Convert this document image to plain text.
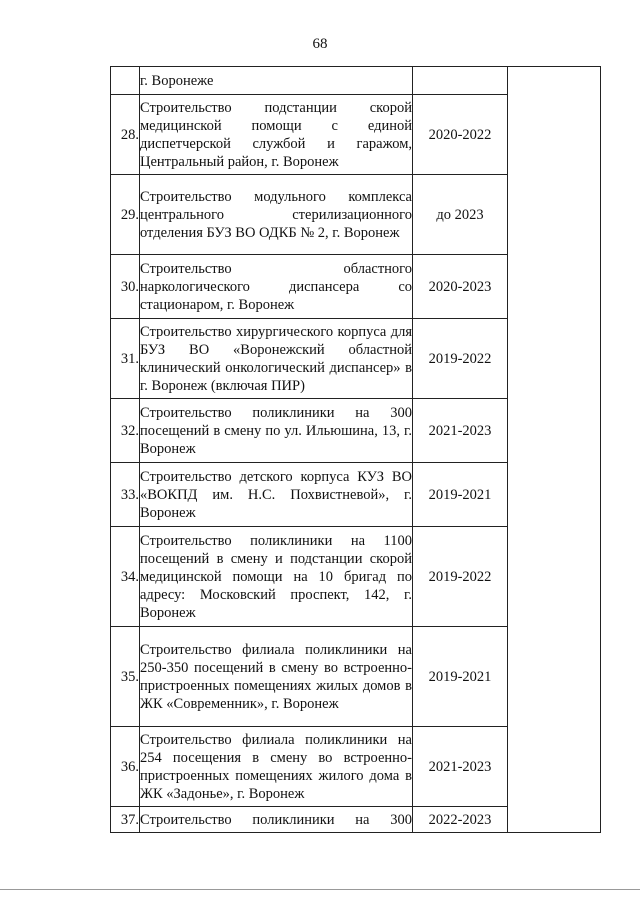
68
	г. Воронеже		
28.	Строительство подстанции скорой медицинской помощи с единой диспетчерской службой и гаражом, Центральный район, г. Воронеж	2020-2022	
29.	Строительство модульного комплекса центрального стерилизационного отделения БУЗ ВО ОДКБ № 2, г. Воронеж	до 2023	
30.	Строительство областного наркологического диспансера со стационаром, г. Воронеж	2020-2023	
31.	Строительство хирургического корпуса для БУЗ ВО «Воронежский областной клинический онкологический диспансер» в г. Воронеж (включая ПИР)	2019-2022	
32.	Строительство поликлиники на 300 посещений в смену по ул. Ильюшина, 13, г. Воронеж	2021-2023	
33.	Строительство детского корпуса КУЗ ВО «ВОКПД им. Н.С. Похвистневой», г. Воронеж	2019-2021	
34.	Строительство поликлиники на 1100 посещений в смену и подстанции скорой медицинской помощи на 10 бригад по адресу: Московский проспект, 142, г. Воронеж	2019-2022	
35.	Строительство филиала поликлиники на 250-350 посещений в смену во встроенно-пристроенных помещениях жилых домов в ЖК «Современник», г. Воронеж	2019-2021	
36.	Строительство филиала поликлиники на 254 посещения в смену во встроенно-пристроенных помещениях жилого дома в ЖК «Задонье», г. Воронеж	2021-2023	
37.	Строительство поликлиники на 300	2022-2023	
